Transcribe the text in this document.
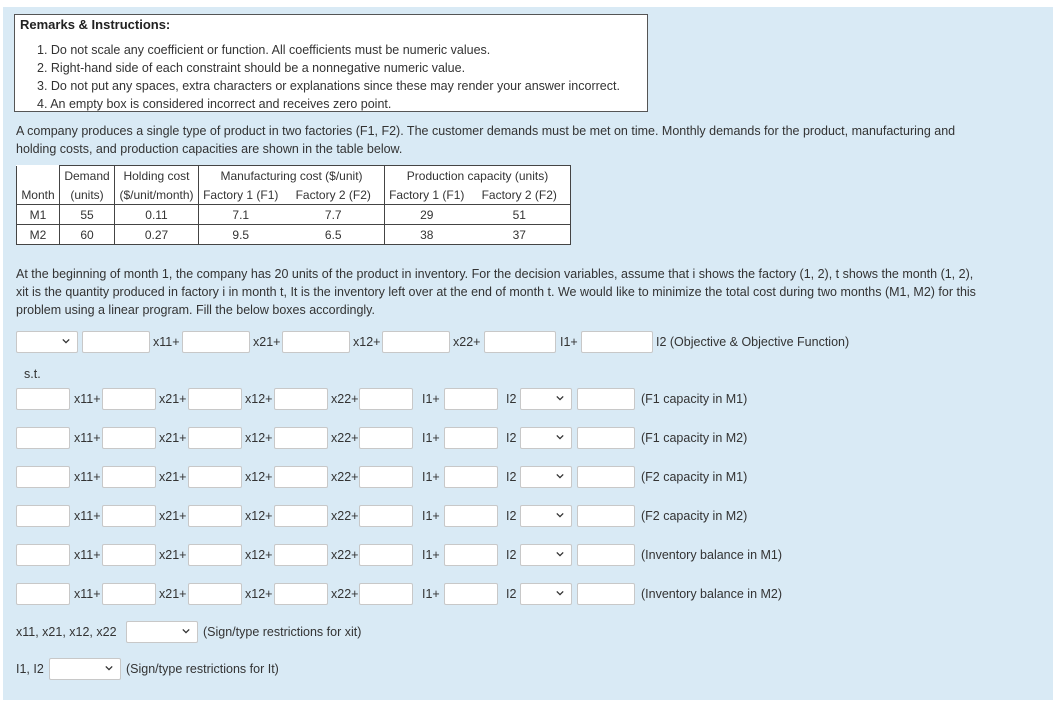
Remarks & Instructions:
1. Do not scale any coefficient or function. All coefficients must be numeric values.
2. Right-hand side of each constraint should be a nonnegative numeric value.
3. Do not put any spaces, extra characters or explanations since these may render your answer incorrect.
4. An empty box is considered incorrect and receives zero point.
A company produces a single type of product in two factories (F1, F2). The customer demands must be met on time. Monthly demands for the product, manufacturing and
holding costs, and production capacities are shown in the table below.
	Demand	Holding cost	Manufacturing cost ($/unit)		Production capacity (units)	
Month	(units)	($/unit/month)	Factory 1 (F1)	Factory 2 (F2)	Factory 1 (F1)	Factory 2 (F2)
M1	55	0.11	7.1	7.7	29	51
M2	60	0.27	9.5	6.5	38	37
At the beginning of month 1, the company has 20 units of the product in inventory. For the decision variables, assume that i shows the factory (1, 2), t shows the month (1, 2),
xit is the quantity produced in factory i in month t, It is the inventory left over at the end of month t. We would like to minimize the total cost during two months (M1, M2) for this
problem using a linear program. Fill the below boxes accordingly.
x11+	x21+	x12+	x22+	I1+	I2 (Objective & Objective Function)
s.t.
x11+	x21+	x12+	x22+	I1+	I2	(F1 capacity in M1)
x11+	x21+	x12+	x22+	I1+	I2	(F1 capacity in M2)
x11+	x21+	x12+	x22+	I1+	I2	(F2 capacity in M1)
x11+	x21+	x12+	x22+	I1+	I2	(F2 capacity in M2)
x11+	x21+	x12+	x22+	I1+	I2	(Inventory balance in M1)
x11+	x21+	x12+	x22+	I1+	I2	(Inventory balance in M2)
x11, x21, x12, x22	(Sign/type restrictions for xit)
I1, I2	(Sign/type restrictions for It)
